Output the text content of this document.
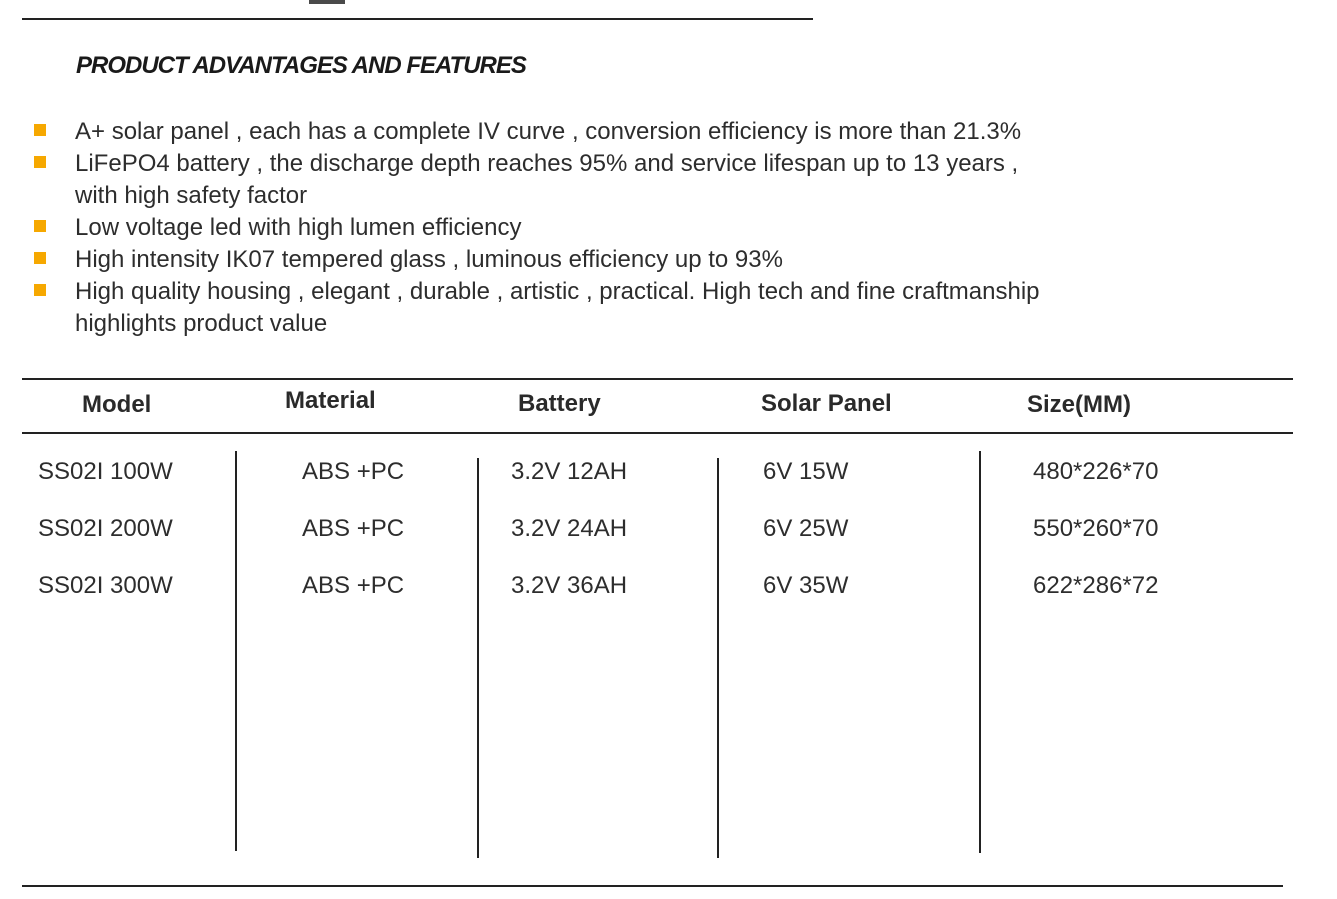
PRODUCT ADVANTAGES AND FEATURES
A+ solar panel , each has a complete IV curve , conversion efficiency is more than 21.3%
LiFePO4 battery , the discharge depth reaches 95% and service lifespan up to 13 years ,
with high safety factor
Low voltage led with high lumen efficiency
High intensity IK07 tempered glass , luminous efficiency up to 93%
High quality housing , elegant , durable , artistic , practical. High tech and fine craftmanship
highlights product value
Model	Material	Battery	Solar Panel	Size(MM)
SS02I 100W	ABS +PC	3.2V 12AH	6V 15W	480*226*70
SS02I 200W	ABS +PC	3.2V 24AH	6V 25W	550*260*70
SS02I 300W	ABS +PC	3.2V 36AH	6V 35W	622*286*72
